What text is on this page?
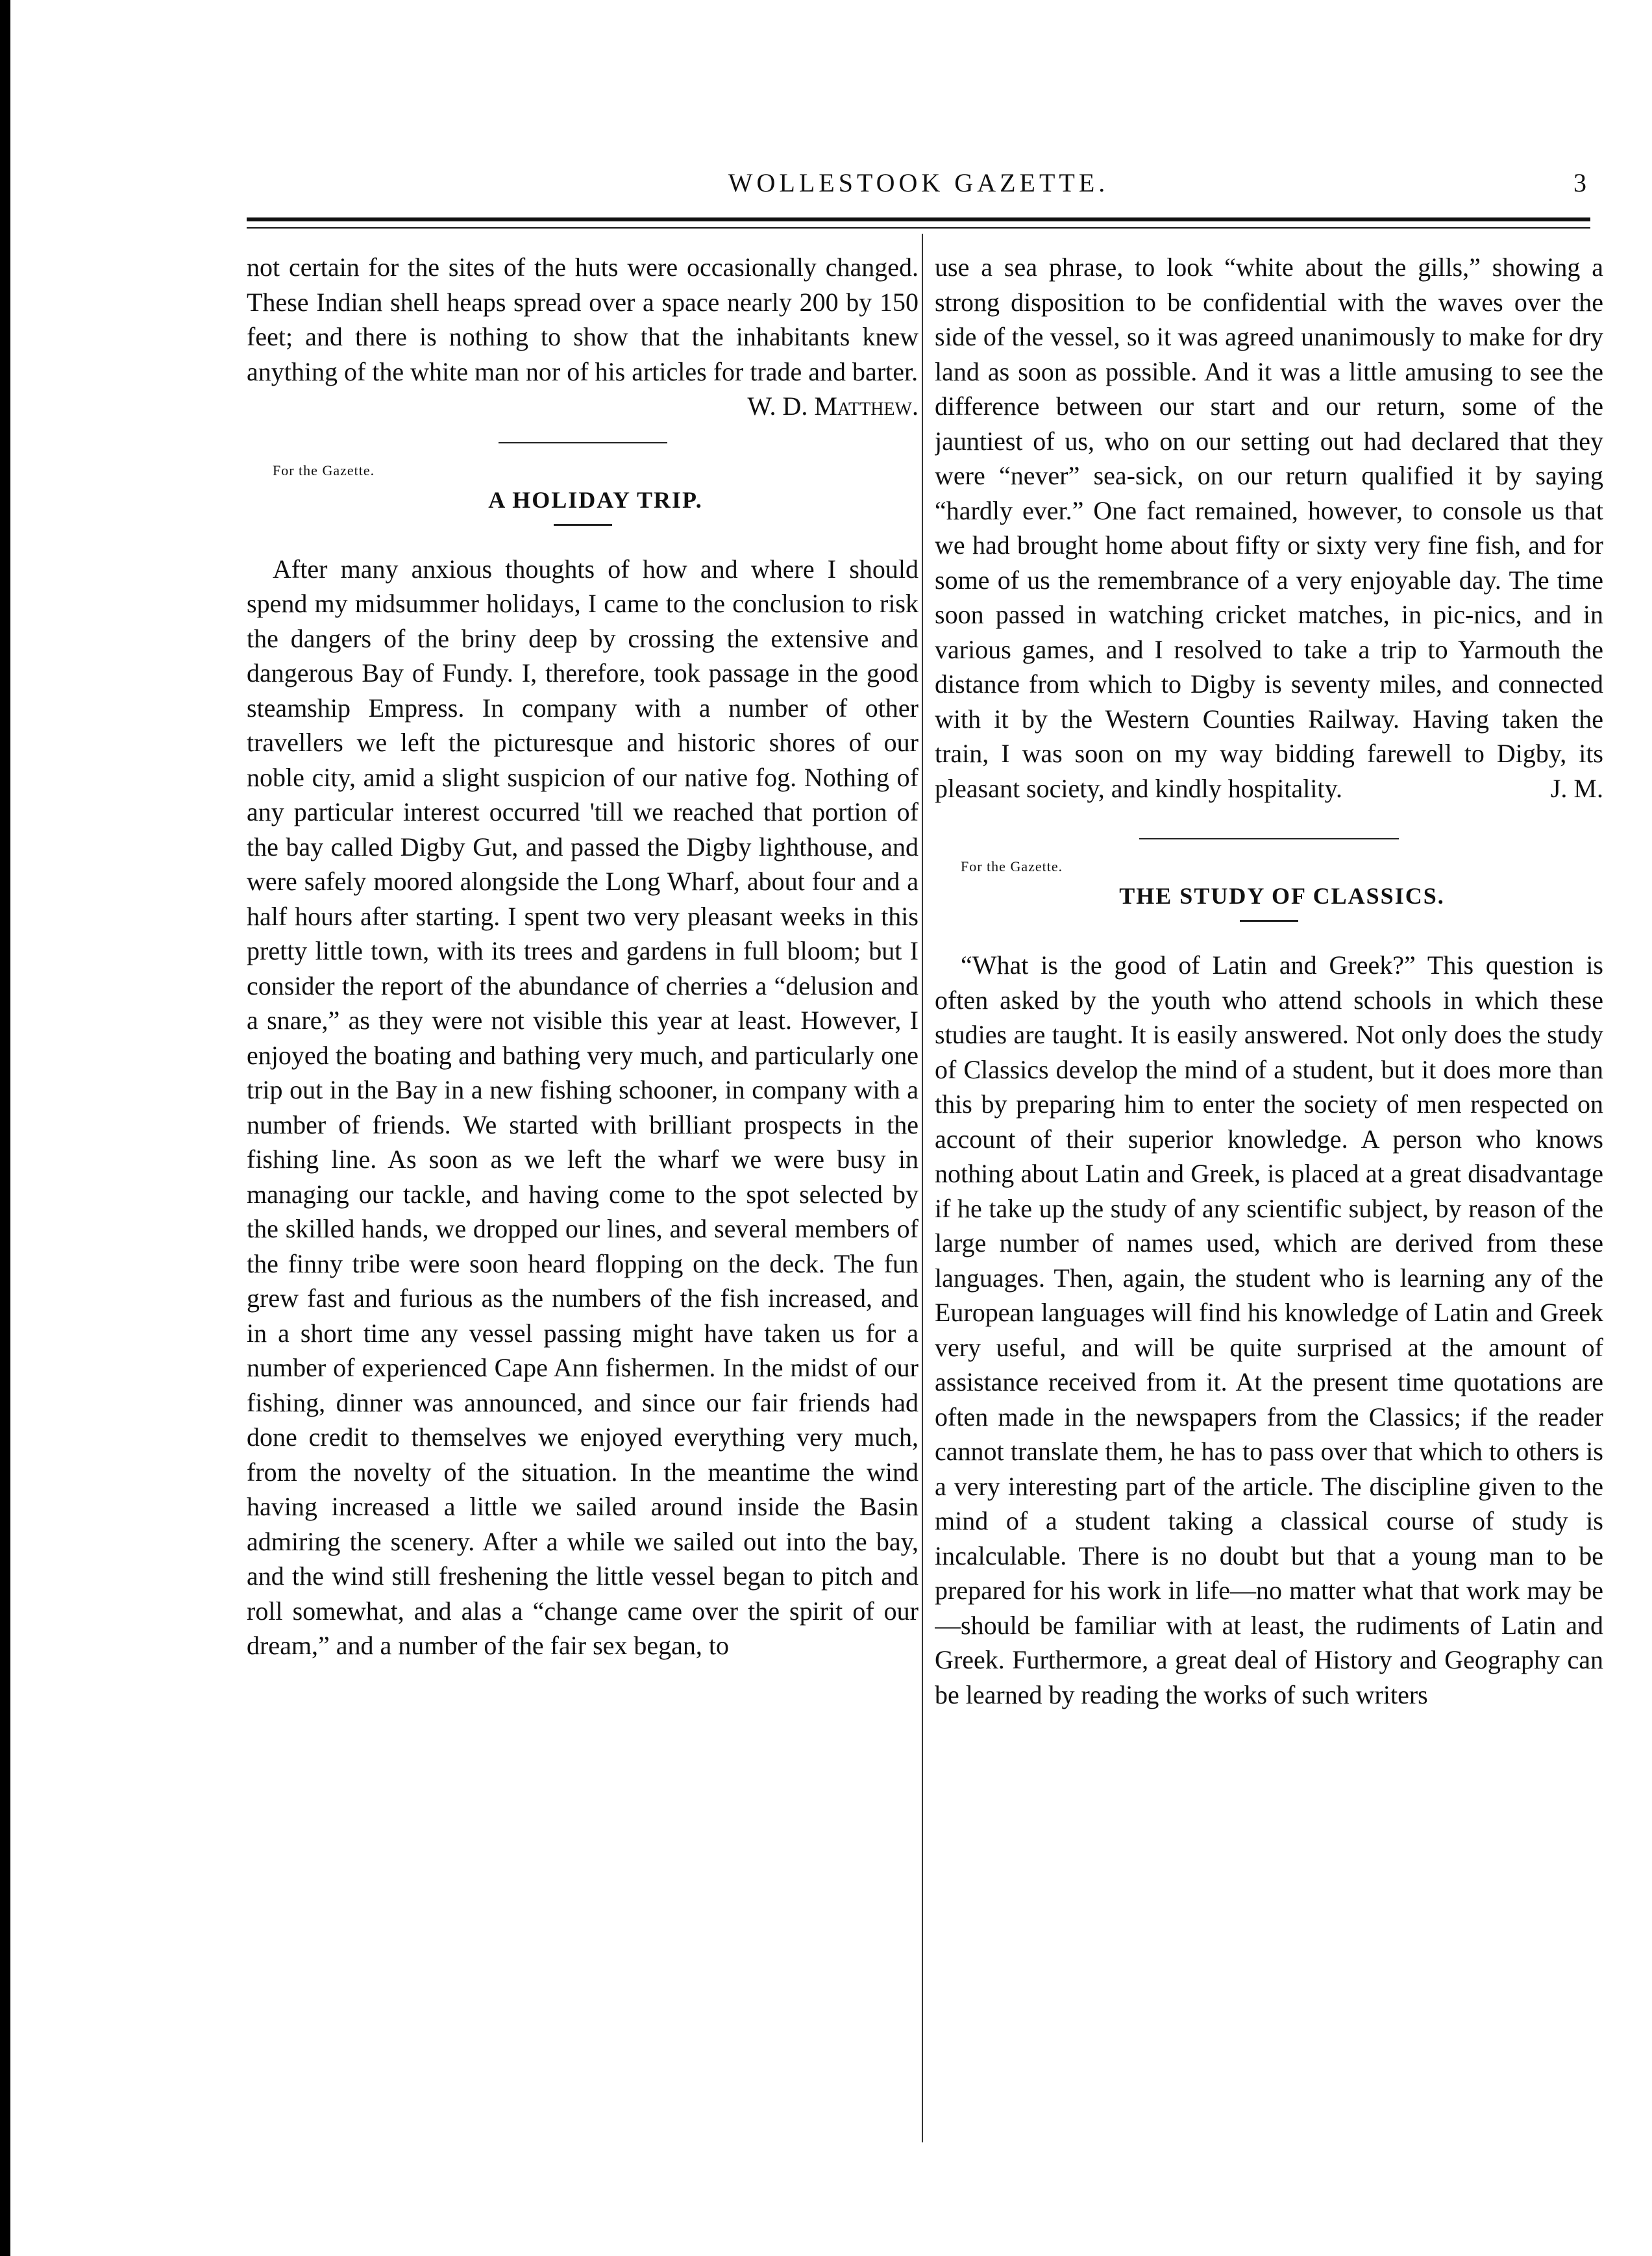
WOLLESTOOK GAZETTE.	3

not certain for the sites of the huts were occasionally changed. These Indian shell heaps spread over a space nearly 200 by 150 feet; and there is nothing to show that the inhabitants knew anything of the white man nor of his articles for trade and barter.

W. D. Matthew.

For the Gazette.

A HOLIDAY TRIP.

After many anxious thoughts of how and where I should spend my midsummer holidays, I came to the conclusion to risk the dangers of the briny deep by crossing the extensive and dangerous Bay of Fundy. I, therefore, took passage in the good steamship Empress. In company with a number of other travellers we left the picturesque and historic shores of our noble city, amid a slight suspicion of our native fog. Nothing of any particular interest occurred 'till we reached that portion of the bay called Digby Gut, and passed the Digby lighthouse, and were safely moored alongside the Long Wharf, about four and a half hours after starting. I spent two very pleasant weeks in this pretty little town, with its trees and gardens in full bloom; but I consider the report of the abundance of cherries a “delusion and a snare,” as they were not visible this year at least. However, I enjoyed the boating and bathing very much, and particularly one trip out in the Bay in a new fishing schooner, in company with a number of friends. We started with brilliant prospects in the fishing line. As soon as we left the wharf we were busy in managing our tackle, and having come to the spot selected by the skilled hands, we dropped our lines, and several members of the finny tribe were soon heard flopping on the deck. The fun grew fast and furious as the numbers of the fish increased, and in a short time any vessel passing might have taken us for a number of experienced Cape Ann fishermen. In the midst of our fishing, dinner was announced, and since our fair friends had done credit to themselves we enjoyed everything very much, from the novelty of the situation. In the meantime the wind having increased a little we sailed around inside the Basin admiring the scenery. After a while we sailed out into the bay, and the wind still freshening the little vessel began to pitch and roll somewhat, and alas a “change came over the spirit of our dream,” and a number of the fair sex began, to

use a sea phrase, to look “white about the gills,” showing a strong disposition to be confidential with the waves over the side of the vessel, so it was agreed unanimously to make for dry land as soon as possible. And it was a little amusing to see the difference between our start and our return, some of the jauntiest of us, who on our setting out had declared that they were “never” sea-sick, on our return qualified it by saying “hardly ever.” One fact remained, however, to console us that we had brought home about fifty or sixty very fine fish, and for some of us the remembrance of a very enjoyable day. The time soon passed in watching cricket matches, in pic-nics, and in various games, and I resolved to take a trip to Yarmouth the distance from which to Digby is seventy miles, and connected with it by the Western Counties Railway. Having taken the train, I was soon on my way bidding farewell to Digby, its pleasant society, and kindly hospitality.	J. M.

For the Gazette.

THE STUDY OF CLASSICS.

“What is the good of Latin and Greek?” This question is often asked by the youth who attend schools in which these studies are taught. It is easily answered. Not only does the study of Classics develop the mind of a student, but it does more than this by preparing him to enter the society of men respected on account of their superior knowledge. A person who knows nothing about Latin and Greek, is placed at a great disadvantage if he take up the study of any scientific subject, by reason of the large number of names used, which are derived from these languages. Then, again, the student who is learning any of the European languages will find his knowledge of Latin and Greek very useful, and will be quite surprised at the amount of assistance received from it. At the present time quotations are often made in the newspapers from the Classics; if the reader cannot translate them, he has to pass over that which to others is a very interesting part of the article. The discipline given to the mind of a student taking a classical course of study is incalculable. There is no doubt but that a young man to be prepared for his work in life—no matter what that work may be—should be familiar with at least, the rudiments of Latin and Greek. Furthermore, a great deal of History and Geography can be learned by reading the works of such writers
